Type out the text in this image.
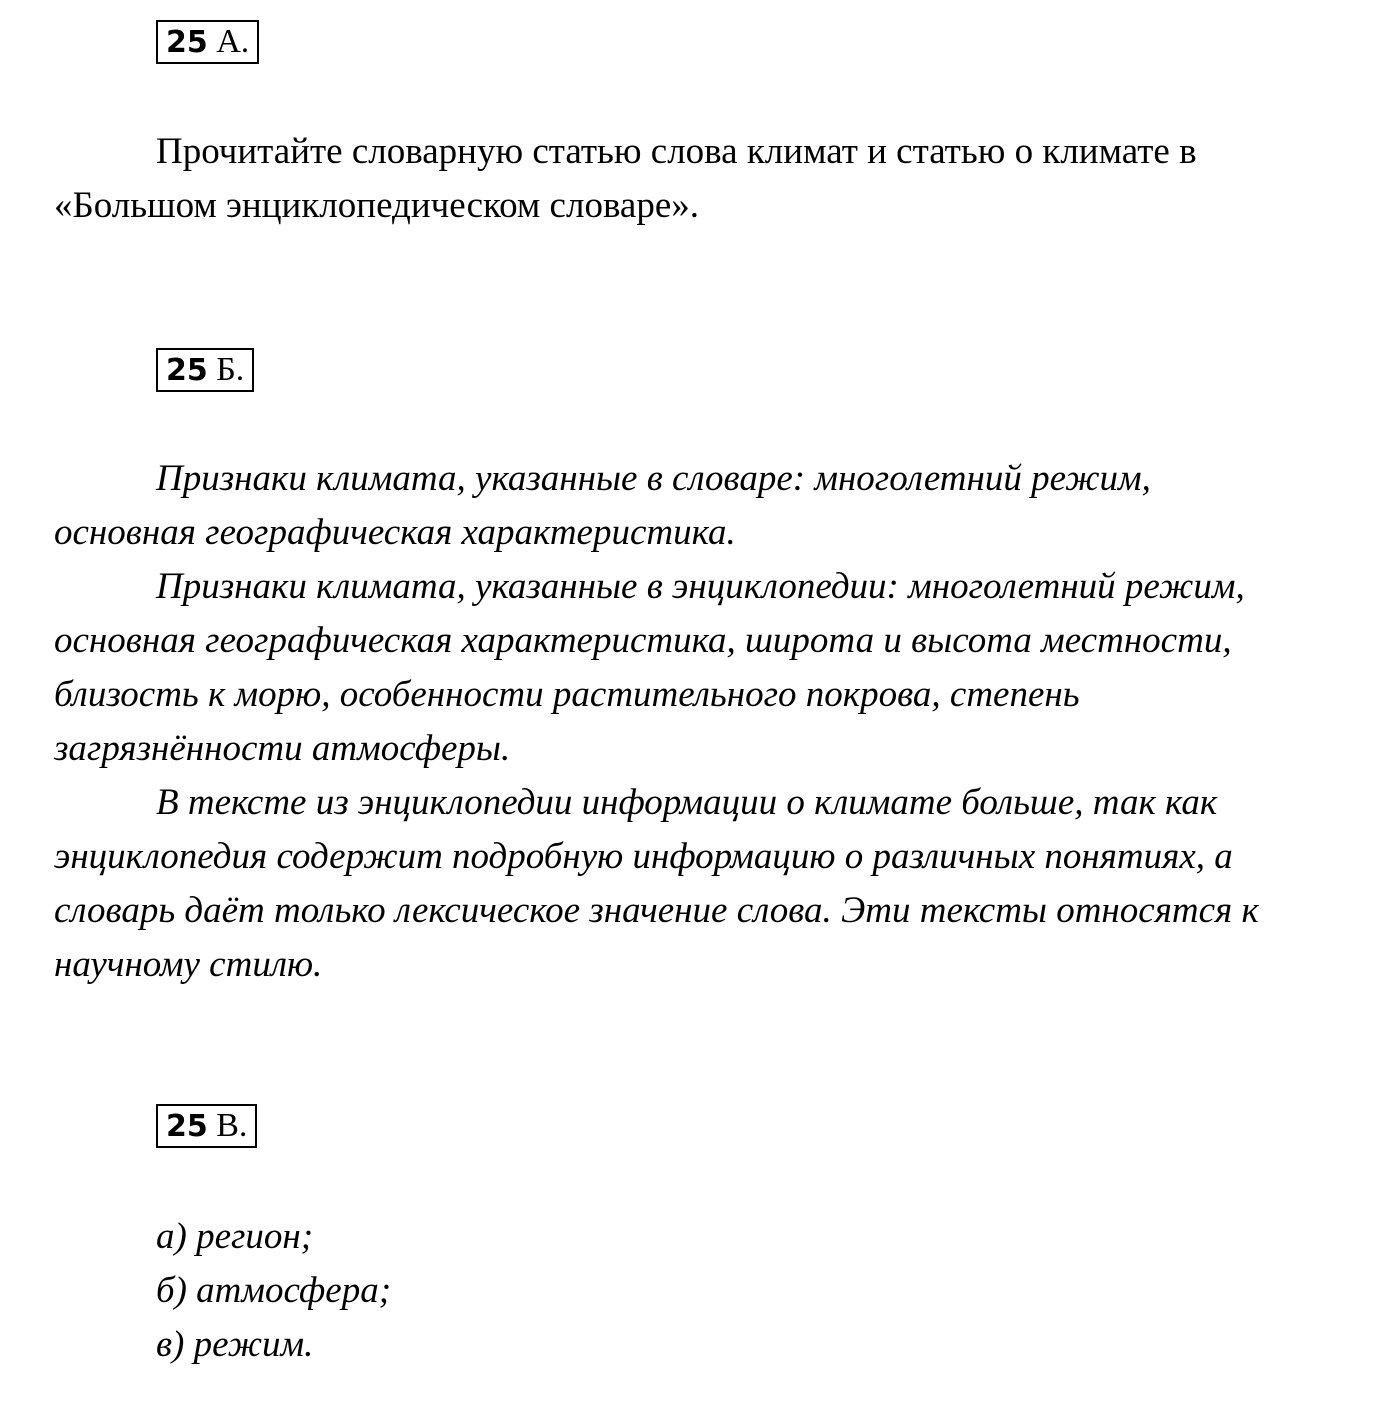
25 А.

Прочитайте словарную статью слова климат и статью о климате в
«Большом энциклопедическом словаре».

25 Б.

Признаки климата, указанные в словаре: многолетний режим,
основная географическая характеристика.

Признаки климата, указанные в энциклопедии: многолетний режим,
основная географическая характеристика, широта и высота местности,
близость к морю, особенности растительного покрова, степень
загрязнённости атмосферы.

В тексте из энциклопедии информации о климате больше, так как
энциклопедия содержит подробную информацию о различных понятиях, а
словарь даёт только лексическое значение слова. Эти тексты относятся к
научному стилю.

25 В.
а) регион;
б) атмосфера;
в) режим.
